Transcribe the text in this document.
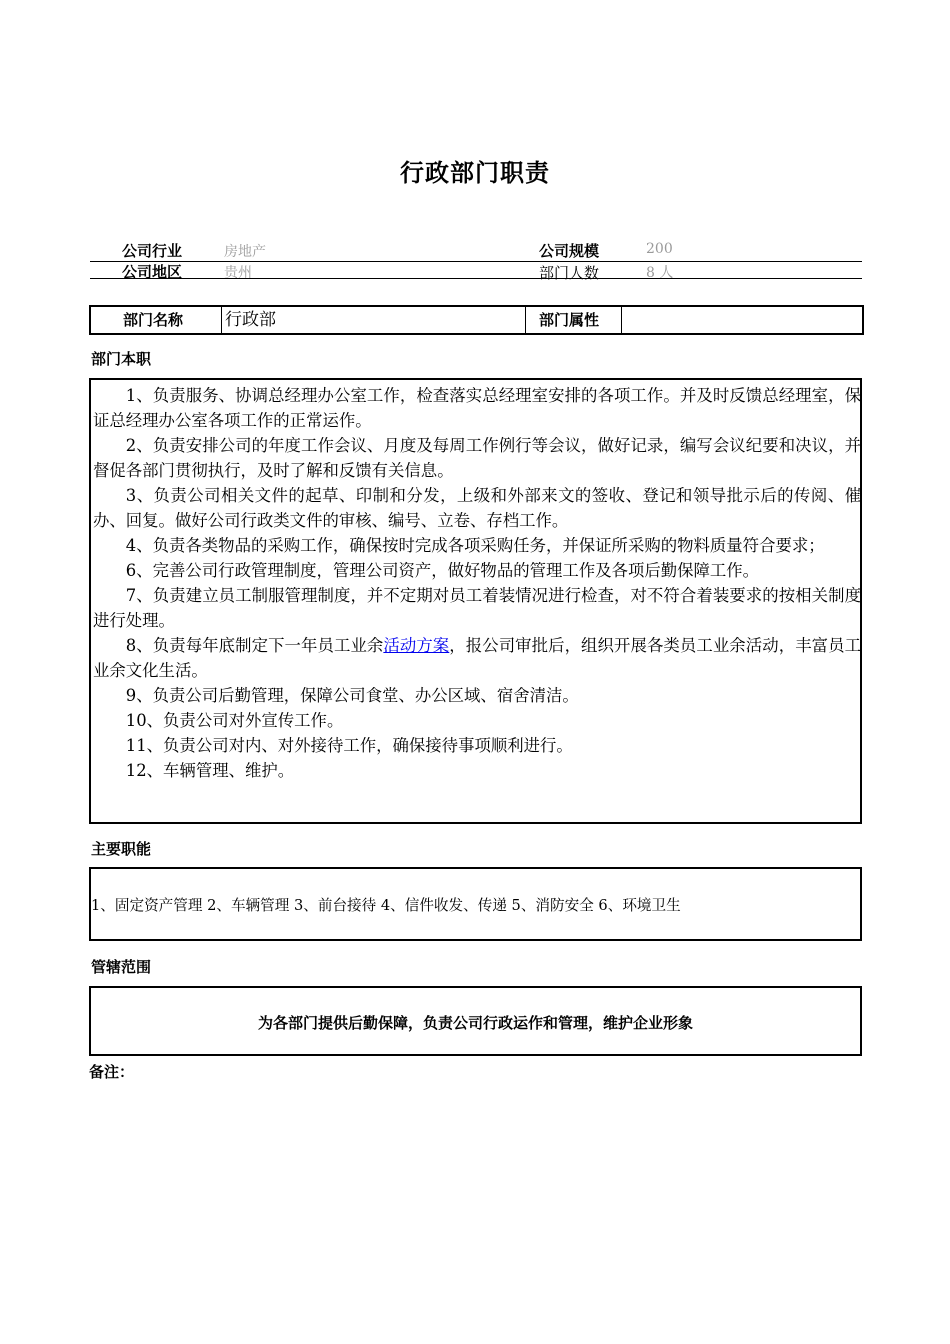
行政部门职责
公司行业	房地产	公司规模	200
公司地区	贵州	部门人数	8 人
部门名称	行政部	部门属性
部门本职

1、负责服务、协调总经理办公室工作，检查落实总经理室安排的各项工作。并及时反馈总经理室，保证总经理办公室各项工作的正常运作。

2、负责安排公司的年度工作会议、月度及每周工作例行等会议，做好记录，编写会议纪要和决议，并督促各部门贯彻执行，及时了解和反馈有关信息。

3、负责公司相关文件的起草、印制和分发，上级和外部来文的签收、登记和领导批示后的传阅、催办、回复。做好公司行政类文件的审核、编号、立卷、存档工作。

4、负责各类物品的采购工作，确保按时完成各项采购任务，并保证所采购的物料质量符合要求；

6、完善公司行政管理制度，管理公司资产，做好物品的管理工作及各项后勤保障工作。

7、负责建立员工制服管理制度，并不定期对员工着装情况进行检查，对不符合着装要求的按相关制度进行处理。

8、负责每年底制定下一年员工业余活动方案，报公司审批后，组织开展各类员工业余活动，丰富员工业余文化生活。

9、负责公司后勤管理，保障公司食堂、办公区域、宿舍清洁。

10、负责公司对外宣传工作。

11、负责公司对内、对外接待工作，确保接待事项顺利进行。

12、车辆管理、维护。

主要职能
1、固定资产管理 2、车辆管理 3、前台接待 4、信件收发、传递 5、消防安全 6、环境卫生
管辖范围
为各部门提供后勤保障，负责公司行政运作和管理，维护企业形象
备注：
